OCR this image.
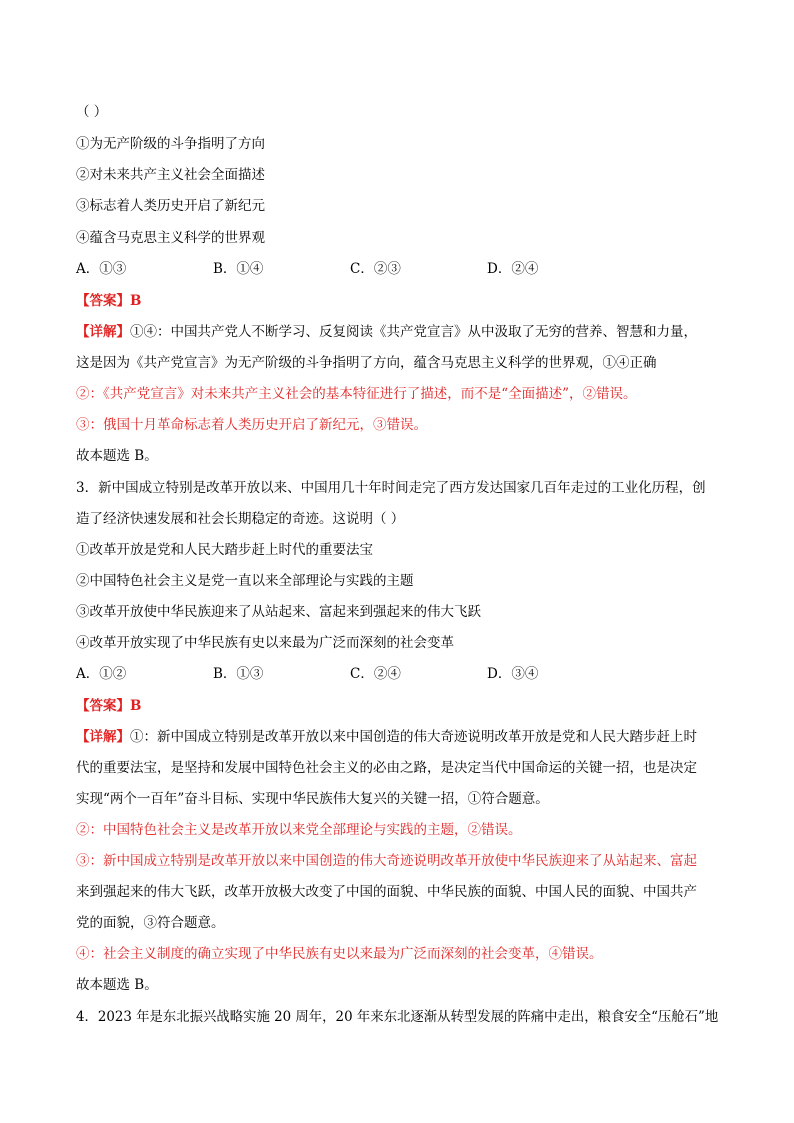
（ ）
①为无产阶级的斗争指明了方向
②对未来共产主义社会全面描述
③标志着人类历史开启了新纪元
④蕴含马克思主义科学的世界观
A．①③	B．①④	C．②③	D．②④
【答案】B
【详解】①④：中国共产党人不断学习、反复阅读《共产党宣言》从中汲取了无穷的营养、智慧和力量，
这是因为《共产党宣言》为无产阶级的斗争指明了方向，蕴含马克思主义科学的世界观，①④正确
②：《共产党宣言》对未来共产主义社会的基本特征进行了描述，而不是“全面描述”，②错误。
③：俄国十月革命标志着人类历史开启了新纪元，③错误。
故本题选 B。
3．新中国成立特别是改革开放以来、中国用几十年时间走完了西方发达国家几百年走过的工业化历程，创
造了经济快速发展和社会长期稳定的奇迹。这说明（ ）
①改革开放是党和人民大踏步赶上时代的重要法宝
②中国特色社会主义是党一直以来全部理论与实践的主题
③改革开放使中华民族迎来了从站起来、富起来到强起来的伟大飞跃
④改革开放实现了中华民族有史以来最为广泛而深刻的社会变革
A．①②	B．①③	C．②④	D．③④
【答案】B
【详解】①：新中国成立特别是改革开放以来中国创造的伟大奇迹说明改革开放是党和人民大踏步赶上时
代的重要法宝，是坚持和发展中国特色社会主义的必由之路，是决定当代中国命运的关键一招，也是决定
实现“两个一百年”奋斗目标、实现中华民族伟大复兴的关键一招，①符合题意。
②：中国特色社会主义是改革开放以来党全部理论与实践的主题，②错误。
③：新中国成立特别是改革开放以来中国创造的伟大奇迹说明改革开放使中华民族迎来了从站起来、富起
来到强起来的伟大飞跃，改革开放极大改变了中国的面貌、中华民族的面貌、中国人民的面貌、中国共产
党的面貌，③符合题意。
④：社会主义制度的确立实现了中华民族有史以来最为广泛而深刻的社会变革，④错误。
故本题选 B。
4．2023 年是东北振兴战略实施 20 周年，20 年来东北逐渐从转型发展的阵痛中走出，粮食安全“压舱石”地
